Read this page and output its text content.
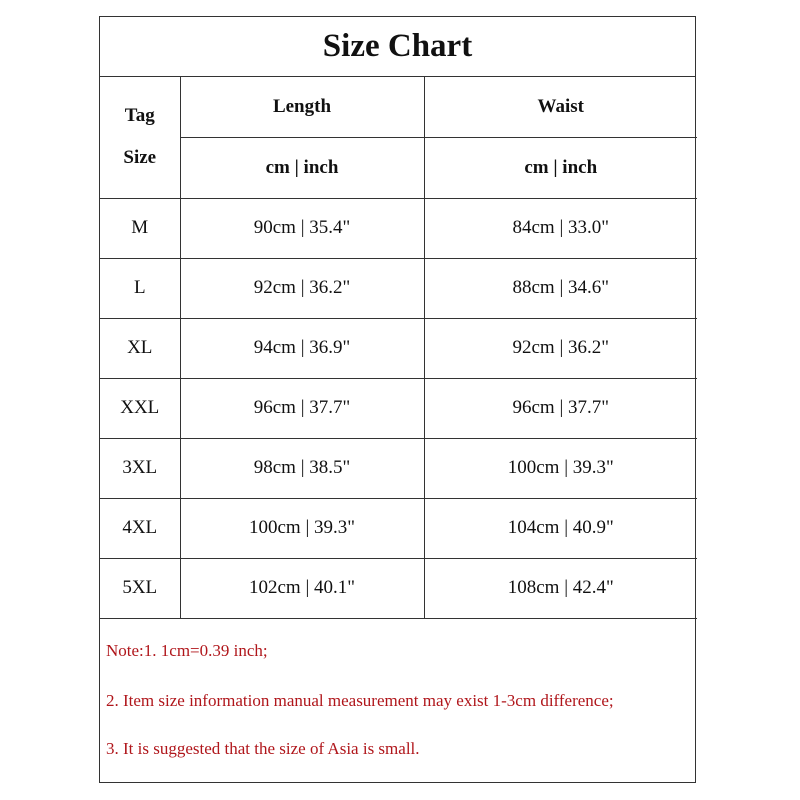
Size Chart
Tag
Size	Length	Waist
	cm | inch	cm | inch
M	90cm | 35.4"	84cm | 33.0"
L	92cm | 36.2"	88cm | 34.6"
XL	94cm | 36.9"	92cm | 36.2"
XXL	96cm | 37.7"	96cm | 37.7"
3XL	98cm | 38.5"	100cm | 39.3"
4XL	100cm | 39.3"	104cm | 40.9"
5XL	102cm | 40.1"	108cm | 42.4"
Note:1. 1cm=0.39 inch;
2. Item size information manual measurement may exist 1-3cm difference;
3. It is suggested that the size of Asia is small.
